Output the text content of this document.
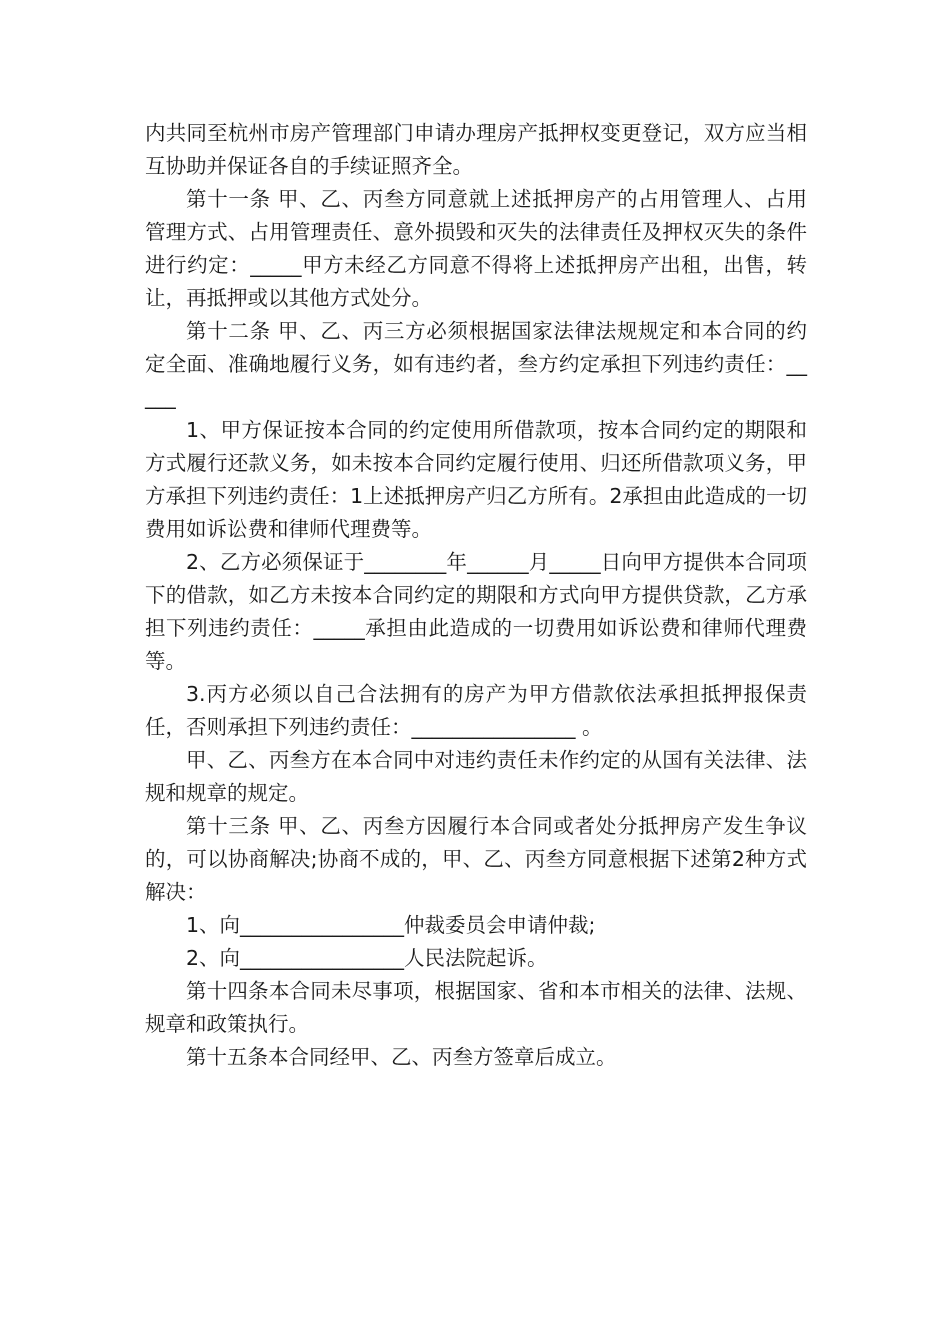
内共同至杭州市房产管理部门申请办理房产抵押权变更登记，双方应当相互协助并保证各自的手续证照齐全。

第十一条 甲、乙、丙叁方同意就上述抵押房产的占用管理人、占用管理方式、占用管理责任、意外损毁和灭失的法律责任及押权灭失的条件进行约定：_____甲方未经乙方同意不得将上述抵押房产出租，出售，转让，再抵押或以其他方式处分。

第十二条 甲、乙、丙三方必须根据国家法律法规规定和本合同的约定全面、准确地履行义务，如有违约者，叁方约定承担下列违约责任：_____

1、甲方保证按本合同的约定使用所借款项，按本合同约定的期限和方式履行还款义务，如未按本合同约定履行使用、归还所借款项义务，甲方承担下列违约责任：1上述抵押房产归乙方所有。2承担由此造成的一切费用如诉讼费和律师代理费等。

2、乙方必须保证于________年______月_____日向甲方提供本合同项下的借款，如乙方未按本合同约定的期限和方式向甲方提供贷款，乙方承担下列违约责任：_____承担由此造成的一切费用如诉讼费和律师代理费等。

3.丙方必须以自己合法拥有的房产为甲方借款依法承担抵押报保责任，否则承担下列违约责任：________________ 。

甲、乙、丙叁方在本合同中对违约责任未作约定的从国有关法律、法规和规章的规定。

第十三条 甲、乙、丙叁方因履行本合同或者处分抵押房产发生争议的，可以协商解决;协商不成的，甲、乙、丙叁方同意根据下述第2种方式解决：

1、向________________仲裁委员会申请仲裁;

2、向________________人民法院起诉。

第十四条本合同未尽事项，根据国家、省和本市相关的法律、法规、规章和政策执行。

第十五条本合同经甲、乙、丙叁方签章后成立。
